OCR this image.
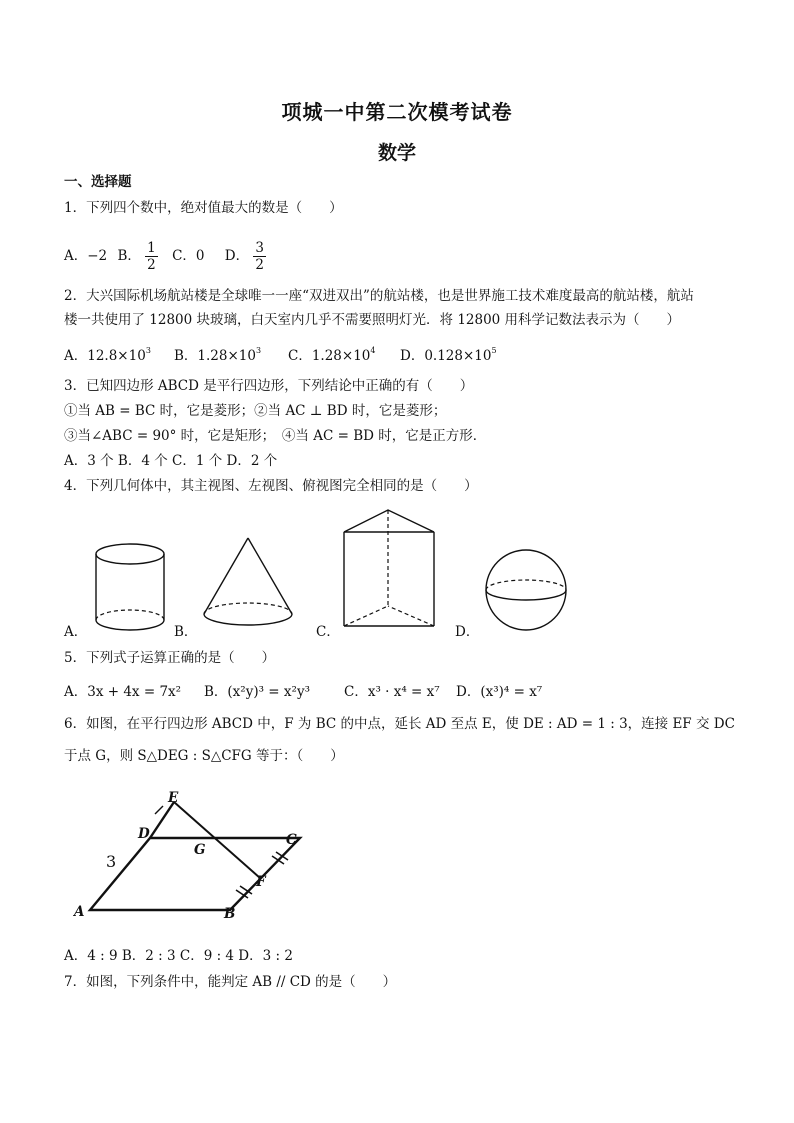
项城一中第二次模考试卷
数学
一、选择题
1．下列四个数中，绝对值最大的数是（　　）
A．−2 B． $\frac{1}{2}$ C．0 D． $\frac{3}{2}$
2．大兴国际机场航站楼是全球唯一一座“双进双出”的航站楼，也是世界施工技术难度最高的航站楼，航站
楼一共使用了 12800 块玻璃，白天室内几乎不需要照明灯光．将 12800 用科学记数法表示为（　　）
A．$12.8\times 10^3$ B．$1.28\times 10^3$ C．$1.28\times 10^4$ D．$0.128\times 10^5$
3．已知四边形 ABCD 是平行四边形，下列结论中正确的有（　　）
①当 AB = BC 时，它是菱形；②当 AC ⊥ BD 时，它是菱形；
③当∠ABC = 90° 时，它是矩形；　④当 AC = BD 时，它是正方形．
A．3 个 B．4 个 C．1 个 D．2 个
4．下列几何体中，其主视图、左视图、俯视图完全相同的是（　　）
A．	B．	C．	D．
5．下列式子运算正确的是（　　）
A．3x + 4x = 7x² B．(x²y)³ = x²y³	C．x³ · x⁴ = x⁷ D．(x³)⁴ = x⁷
6．如图，在平行四边形 ABCD 中，F 为 BC 的中点，延长 AD 至点 E，使 DE : AD = 1 : 3，连接 EF 交 DC
于点 G，则 S△DEG : S△CFG 等于：（　　）
E
D
G
C
F
A	B
3
A．4 : 9 B．2 : 3 C．9 : 4 D．3 : 2
7．如图，下列条件中，能判定 AB // CD 的是（　　）
